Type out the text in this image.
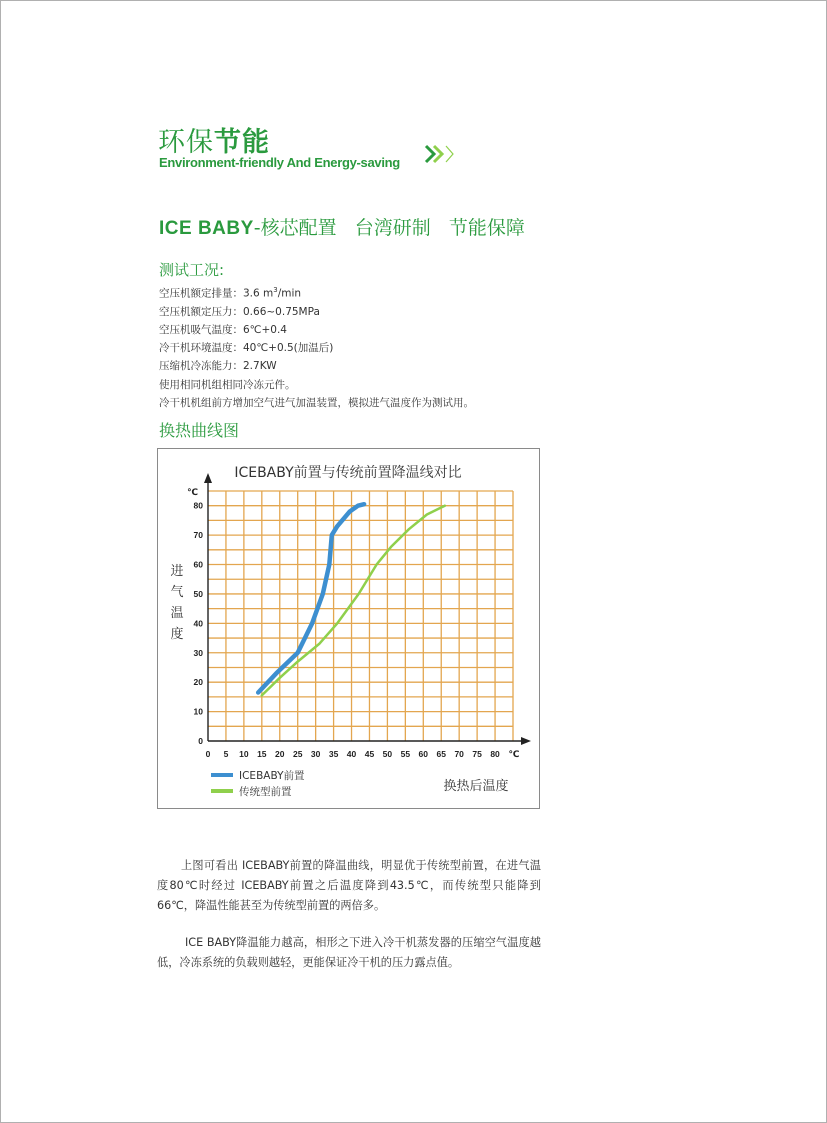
环保节能
Environment-friendly And Energy-saving
ICE BABY-核芯配置   台湾研制   节能保障
测试工况:
空压机额定排量：3.6 $m^3/\min$
空压机额定压力：0.66~0.75MPa
空压机吸气温度：6℃+0.4
冷干机环境温度：40℃+0.5(加温后)
压缩机冷冻能力：2.7KW
使用相同机组相同冷冻元件。
冷干机机组前方增加空气进气加温装置，模拟进气温度作为测试用。
换热曲线图
0 5 10 15 20 25 30 35 40 45 50 55 60 65 70 75 80 ℃
0
10
20
30
40
50
60
70
80
℃
ICEBABY前置与传统前置降温线对比
进
气
温
度
换热后温度
ICEBABY前置
传统型前置
上图可看出 ICEBABY前置的降温曲线，明显优于传统型前置，在进气温度80℃时经过 ICEBABY前置之后温度降到43.5℃，而传统型只能降到66℃，降温性能甚至为传统型前置的两倍多。
ICE BABY降温能力越高，相形之下进入冷干机蒸发器的压缩空气温度越低，冷冻系统的负载则越轻，更能保证冷干机的压力露点值。
